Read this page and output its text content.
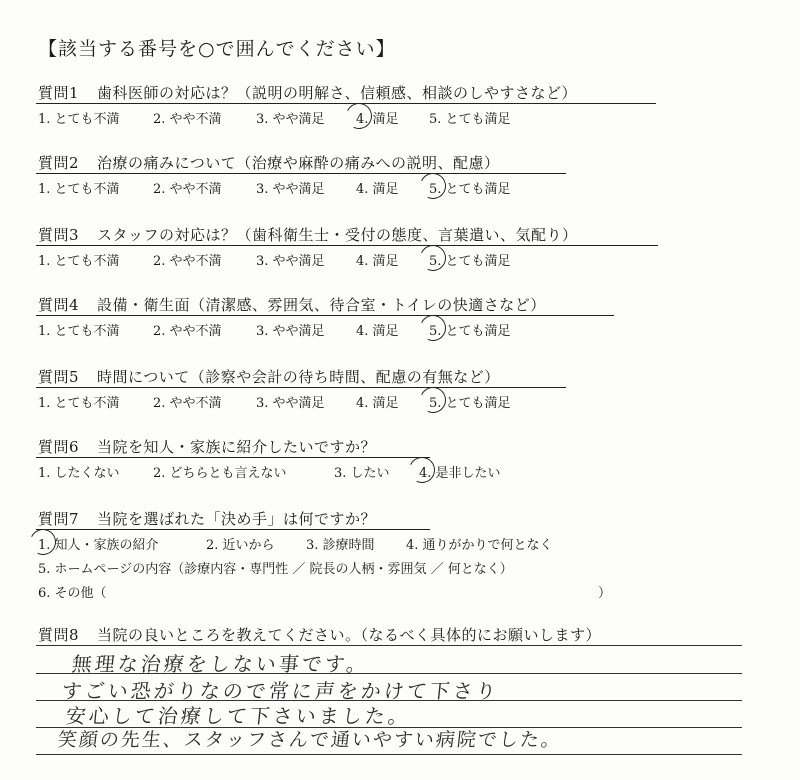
【該当する番号を○で囲んでください】
質問1 歯科医師の対応は？（説明の明解さ、信頼感、相談のしやすさなど）
1. とても不満	2. やや不満	3. やや満足 4. 満足 5. とても満足
質問2 治療の痛みについて（治療や麻酔の痛みへの説明、配慮）
1. とても不満	2. やや不満	3. やや満足 4. 満足 5. とても満足
質問3 スタッフの対応は？（歯科衛生士・受付の態度、言葉遣い、気配り）
1. とても不満	2. やや不満	3. やや満足 4. 満足 5. とても満足
質問4 設備・衛生面（清潔感、雰囲気、待合室・トイレの快適さなど）
1. とても不満	2. やや不満	3. やや満足 4. 満足 5. とても満足
質問5 時間について（診察や会計の待ち時間、配慮の有無など）
1. とても不満	2. やや不満	3. やや満足 4. 満足 5. とても満足
質問6 当院を知人・家族に紹介したいですか？
1. したくない	2. どちらとも言えない	3. したい 4. 是非したい
質問7 当院を選ばれた「決め手」は何ですか？
1. 知人・家族の紹介	2. 近いから 3. 診療時間 4. 通りがかりで何となく
5. ホームページの内容（診療内容・専門性 ／ 院長の人柄・雰囲気 ／ 何となく）
6. その他（	）
質問8 当院の良いところを教えてください。（なるべく具体的にお願いします）
無理な治療をしない事です。
すごい恐がりなので常に声をかけて下さり
安心して治療して下さいました。
笑顔の先生、スタッフさんで通いやすい病院でした。
